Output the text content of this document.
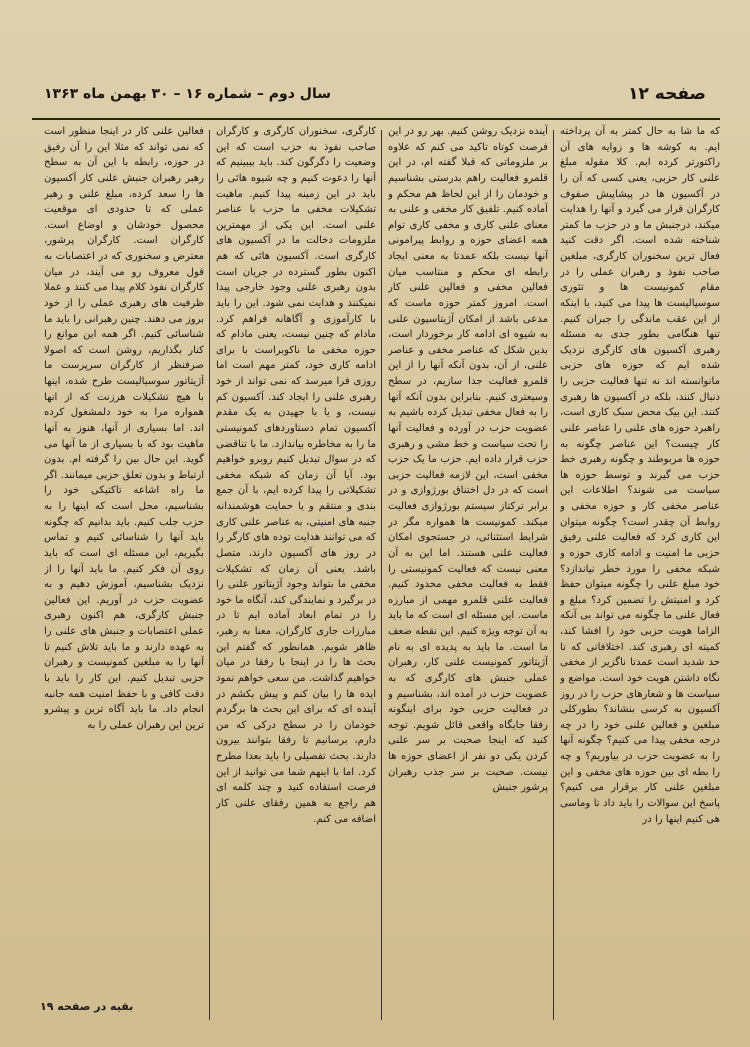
صفحه ۱۲
سال دوم – شماره ۱۶ – ۳۰ بهمن ماه ۱۳۶۳

که ما شا به حال کمتر به آن پرداخته ایم. به کوشه ها و زوایه های آن راکتورتر کرده ایم. کلا مقوله مبلغ علنی کار حزبی، یعنی کسی که آن را در آکسیون ها در پیشاپیش صفوف کارگران قرار می گیرد و آنها را هدایت میکند، درجنبش ما و در حزب ما کمتر شناخته شده است. اگر دقت کنید فعال ترین سخنوران کارگری، مبلغین صاحب نفوذ و رهبران عملی را در مقام کمونیست ها و تئوری سوسیالیست ها پیدا می کنید، با اینکه از این عقب ماندگی را جبران کنیم. تنها هنگامی بطور جدی به مسئله رهبری آکسیون های کارگری نزدیک شده ایم که حوزه های حزبی مانوانسته اند نه تنها فعالیت حزبی را دنبال کنند، بلکه در آکسیون ها رهبری کنند. این بیک محض سبک کاری است، راهبرد حوزه های علنی را عناصر علنی کار چیست؟ این عناصر چگونه به حوزه ها مربوطند و چگونه رهبری خط حزب می گیرند و توسط حوزه ها سیاست می شوند؟ اطلاعات این عناصر مخفی کار و حوزه مخفی و روابط آن چقدر است؟ چگونه میتوان این کاری کرد که فعالیت علنی رفیق حزبی ما امنیت و ادامه کاری حوزه و شبکه مخفی را مورد خطر نیاندازد؟ خود مبلغ علنی را چگونه میتوان حفظ کرد و امنیتش را تضمین کرد؟ مبلغ و فعال علنی ما چگونه می تواند بی آنکه الزاما هویت حزبی خود را افشا کند، کمیته ای رهبری کند. اختلافاتی که تا حد شدید است عمدتا ناگزیر از مخفی نگاه داشتن هویت خود است. مواضع و سیاست ها و شعارهای حزب را در روز آکسیون به کرسی بنشاند؟ بطورکلی مبلغین و فعالین علنی خود را در چه درجه مخفی پیدا می کنیم؟ چگونه آنها را به عضویت حزب در بیاوریم؟ و چه را بطه ای بین حوزه های مخفی و این مبلغین علنی کار برقرار می کنیم؟ پاسخ این سوالات را باید داد تا وماسی هی کنیم اینها را در

آینده نزدیک روشن کنیم. بهر رو در این فرصت کوتاه تاکید می کنم که علاوه بر ملزوماتی که قبلا گفته ام، در این قلمرو فعالیت راهم بدرستی بشناسیم و خودمان را از این لحاظ هم محکم و آماده کنیم. تلفیق کار مخفی و علنی به معنای علنی کاری و مخفی کاری توام همه اعضای حوزه و روابط پیرامونی آنها نیست بلکه عمدتا به معنی ایجاد رابطه ای محکم و منتاسب میان فعالین مخفی و فعالین علنی کار است. امروز کمتر حوزه ماست که مدعی باشد از امکان آژیتاسیون علنی به شیوه ای ادامه کار برخوردار است، بدین شکل که عناصر مخفی و عناصر علنی، از آن، بدون آنکه آنها را از این قلمرو فعالیت جدا سازیم، در سطح وسیعتری کنیم. بنابراین بدون آنکه آنها را به فعال مخفی تبدیل کرده باشیم به عضویت حزب در آورده و فعالیت آنها را تحت سیاست و خط مشی و رهبری حزب قرار داده ایم. حزب ما یک حزب مخفی است، این لازمه فعالیت حزبی است که در دل اختناق بورژوازی و در برابر ترکتاز سیستم بورژوازی فعالیت میکند. کمونیست ها همواره مگر در شرایط استثنائی، در جستجوی امکان فعالیت علنی هستند. اما این به آن معنی نیست که فعالیت کمونیستی را فقط به فعالیت مخفی محدود کنیم. فعالیت علنی قلمرو مهمی از مبارزه ماست. این مسئله ای است که ما باید به آن توجه ویژه کنیم. این نقطه ضعف ما است. ما باید به پدیده ای به نام آژیتاتور کمونیست علنی کار، رهبران عملی جنبش های کارگری که به عضویت حزب در آمده اند، بشناسیم و در فعالیت حزبی خود برای اینگونه رفقا جایگاه واقعی قائل شویم. توجه کنید که اینجا صحبت بر سر علنی کردن یکی دو نفر از اعضای حوزه ها نیست. صحبت بر سر جذب رهبران پرشور جنبش

کارگری، سخنوران کارگری و کارگران صاحب نفوذ به حزب است که این وضعیت را دگرگون کند. باید بیبینیم که آنها را دعوت کنیم و چه شیوه هائی را باید در این زمینه پیدا کنیم. ماهیت تشکیلات مخفی ما حزب با عناصر علنی است. این یکی از مهمترین ملزومات دخالت ما در آکسیون های کارگری است. آکسیون هائی که هم اکنون بطور گسترده در جریان است بدون رهبری علنی وجود خارجی پیدا نمیکنند و هدایت نمی شود. این را باید با کارآموزی و آگاهانه فراهم کرد. مادام که چنین نیست، یعنی مادام که حوزه مخفی ما ناکوبراست با برای ادامه کاری خود، کمتر مهم است اما روزی فرا میرسد که نمی تواند از خود رهبری علنی را ایجاد کند. آکسیون کم نیست، و یا با جهیدن به یک مقدم آکسیون تمام دستاوردهای کمونیستی ما را به مخاطره بیاندازد. ما با تناقضی که در سوال تبدیل کنیم روبرو خواهیم بود. آیا آن زمان که شبکه مخفی تشکیلاتی را پیدا کرده ایم، با آن جمع بندی و منتقم و یا حمایت هوشمندانه جنبه های امنیتی، به عناصر علنی کاری که می توانند هدایت توده های کارگر را در روز های آکسیون دارند، متصل باشد. یعنی آن زمان که تشکیلات مخفی ما بتواند وجود آژیتاتور علنی را در برگیرد و نمایندگی کند، آنگاه ما خود را در تمام ابعاد آماده ایم تا در مبارزات جاری کارگران، معنا به رهبر، ظاهر شویم. همانطور که گفتم این بحث ها را در اینجا با رفقا در میان خواهیم گذاشت. من سعی خواهم نمود ایده ها را بیان کنم و پیش بکشم در آینده ای که برای این بحث ها برگردم خودمان را در سطح درکی که من دارم، برسانیم تا رفقا بتوانند بیرون دارند. بحث تفصیلی را باید بعدا مطرح کرد. اما با اینهم شما می توانید از این فرصت استفاده کنید و چند کلمه ای هم راجع به همین رفقای علنی کار اضافه می کنم.

فعالین علنی کار در اینجا منظور است که نمی تواند که مثلا این را آن رفیق در حوزه، رابطه با این آن به سطح رهبر رهبران جنبش علنی کار آکسیون ها را سعد کرده، مبلغ علنی و رهبر عملی که تا حدودی ای موقعیت محصول خودشان و اوضاع است. کارگران است. کارگران پرشور، معترض و سخنوری که در اعتصابات به قول معروف رو می آیند، در میان کارگران نفوذ کلام پیدا می کنند و عملا ظرفیت های رهبری عملی را از خود بروز می دهند. چنین رهبرانی را باید ما شناسائی کنیم. اگر همه این موانع را کنار بگذاریم، روشن است که اصولا صرفنظر از کارگران سرپرست ما آژیتاتور سوسیالیست طرح شده، اینها با هیچ تشکیلات هرزنت که از انها همواره مرا به خود دلمشغول کرده اند. اما بسیاری از آنها، هنوز به آنها ماهیت بود که با بسیاری از ما آنها می گوید. این حال بین را گرفته ام. بدون ارتباط و بدون تعلق حزبی میمانند. اگر ما راه اشاعه تاکتیکی خود را بشناسیم، محل است که اینها را به حزب جلب کنیم. باید بدانیم که چگونه باید آنها را شناسائی کنیم و تماس بگیریم، این مسئله ای است که باید روی آن فکر کنیم. ما باید آنها را از نزدیک بشناسیم، آموزش دهیم و به عضویت حزب در آوریم. این فعالین جنبش کارگری، هم اکنون رهبری عملی اعتصابات و جنبش های علنی را به عهده دارند و ما باید تلاش کنیم تا آنها را به مبلغین کمونیست و رهبران حزبی تبدیل کنیم. این کار را باید با دقت کافی و با حفظ امنیت همه جانبه انجام داد. ما باید آگاه ترین و پیشرو ترین این رهبران عملی را به

بقیه در صفحه ۱۹
